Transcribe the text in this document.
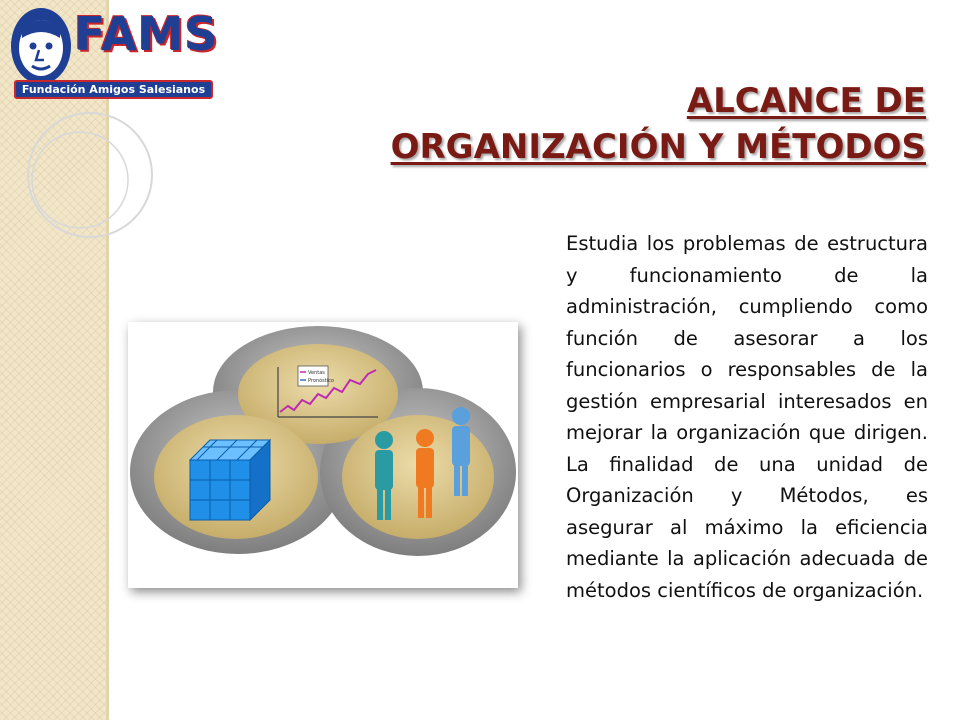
FAMS
Fundación Amigos Salesianos	ALCANCE DE
ORGANIZACIÓN Y MÉTODOS
Ventas
Pronóstico

Estudia los problemas de estructura y funcionamiento de la administración, cumpliendo como función de asesorar a los funcionarios o responsables de la gestión empresarial interesados en mejorar la organización que dirigen. La finalidad de una unidad de Organización y Métodos, es asegurar al máximo la eficiencia mediante la aplicación adecuada de métodos científicos de organización.
